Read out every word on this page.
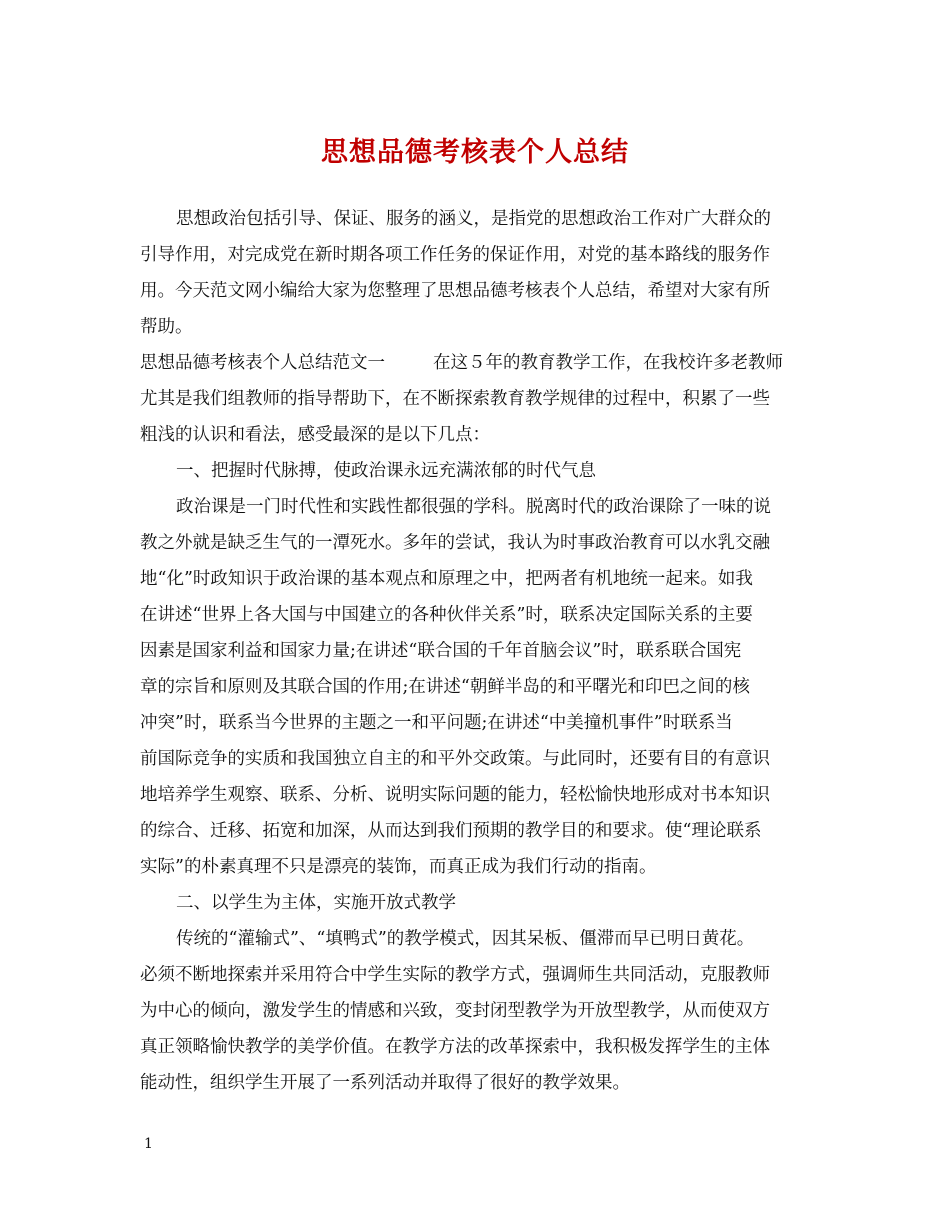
思想品德考核表个人总结
思想政治包括引导、保证、服务的涵义，是指党的思想政治工作对广大群众的
引导作用，对完成党在新时期各项工作任务的保证作用，对党的基本路线的服务作
用。今天范文网小编给大家为您整理了思想品德考核表个人总结，希望对大家有所
帮助。
思想品德考核表个人总结范文一	在这５年的教育教学工作，在我校许多老教师
尤其是我们组教师的指导帮助下，在不断探索教育教学规律的过程中，积累了一些
粗浅的认识和看法，感受最深的是以下几点：
一、把握时代脉搏，使政治课永远充满浓郁的时代气息
政治课是一门时代性和实践性都很强的学科。脱离时代的政治课除了一味的说
教之外就是缺乏生气的一潭死水。多年的尝试，我认为时事政治教育可以水乳交融
地“化”时政知识于政治课的基本观点和原理之中，把两者有机地统一起来。如我
在讲述“世界上各大国与中国建立的各种伙伴关系”时，联系决定国际关系的主要
因素是国家利益和国家力量;在讲述“联合国的千年首脑会议”时，联系联合国宪
章的宗旨和原则及其联合国的作用;在讲述“朝鲜半岛的和平曙光和印巴之间的核
冲突”时，联系当今世界的主题之一和平问题;在讲述“中美撞机事件”时联系当
前国际竞争的实质和我国独立自主的和平外交政策。与此同时，还要有目的有意识
地培养学生观察、联系、分析、说明实际问题的能力，轻松愉快地形成对书本知识
的综合、迁移、拓宽和加深，从而达到我们预期的教学目的和要求。使“理论联系
实际”的朴素真理不只是漂亮的装饰，而真正成为我们行动的指南。
二、以学生为主体，实施开放式教学
传统的“灌输式”、“填鸭式”的教学模式，因其呆板、僵滞而早已明日黄花。
必须不断地探索并采用符合中学生实际的教学方式，强调师生共同活动，克服教师
为中心的倾向，激发学生的情感和兴致，变封闭型教学为开放型教学，从而使双方
真正领略愉快教学的美学价值。在教学方法的改革探索中，我积极发挥学生的主体
能动性，组织学生开展了一系列活动并取得了很好的教学效果。
1
